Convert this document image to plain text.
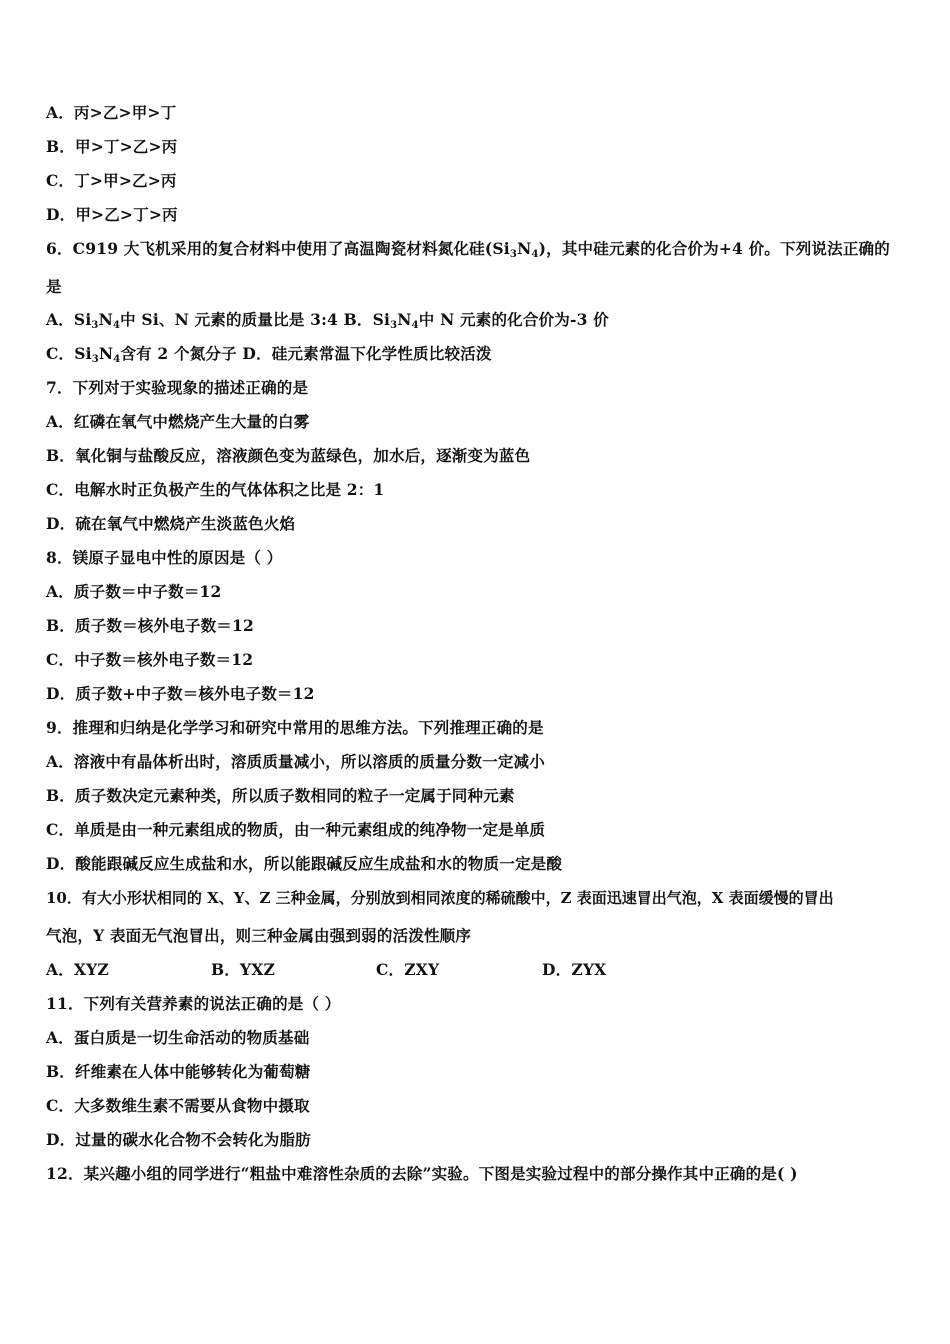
A．丙>乙>甲>丁
B．甲>丁>乙>丙
C．丁>甲>乙>丙
D．甲>乙>丁>丙
6．C919 大飞机采用的复合材料中使用了高温陶瓷材料氮化硅$(Si_3N_4)$，其中硅元素的化合价为+4 价。下列说法正确的
是
A．$Si_3N_4$中 Si、N 元素的质量比是 3:4 B．$Si_3N_4$中 N 元素的化合价为-3 价
C．$Si_3N_4$含有 2 个氮分子 D．硅元素常温下化学性质比较活泼
7．下列对于实验现象的描述正确的是
A．红磷在氧气中燃烧产生大量的白雾
B．氧化铜与盐酸反应，溶液颜色变为蓝绿色，加水后，逐渐变为蓝色
C．电解水时正负极产生的气体体积之比是 2：1
D．硫在氧气中燃烧产生淡蓝色火焰
8．镁原子显电中性的原因是（ ）
A．质子数＝中子数＝12
B．质子数＝核外电子数＝12
C．中子数＝核外电子数＝12
D．质子数+中子数＝核外电子数＝12
9．推理和归纳是化学学习和研究中常用的思维方法。下列推理正确的是
A．溶液中有晶体析出时，溶质质量减小，所以溶质的质量分数一定减小
B．质子数决定元素种类，所以质子数相同的粒子一定属于同种元素
C．单质是由一种元素组成的物质，由一种元素组成的纯净物一定是单质
D．酸能跟碱反应生成盐和水，所以能跟碱反应生成盐和水的物质一定是酸
10．有大小形状相同的 X、Y、Z 三种金属，分别放到相同浓度的稀硫酸中，Z 表面迅速冒出气泡，X 表面缓慢的冒出
气泡，Y 表面无气泡冒出，则三种金属由强到弱的活泼性顺序
A．XYZ	B．YXZ	C．ZXY	D．ZYX
11．下列有关营养素的说法正确的是（ ）
A．蛋白质是一切生命活动的物质基础
B．纤维素在人体中能够转化为葡萄糖
C．大多数维生素不需要从食物中摄取
D．过量的碳水化合物不会转化为脂肪
12．某兴趣小组的同学进行“粗盐中难溶性杂质的去除”实验。下图是实验过程中的部分操作其中正确的是( )
